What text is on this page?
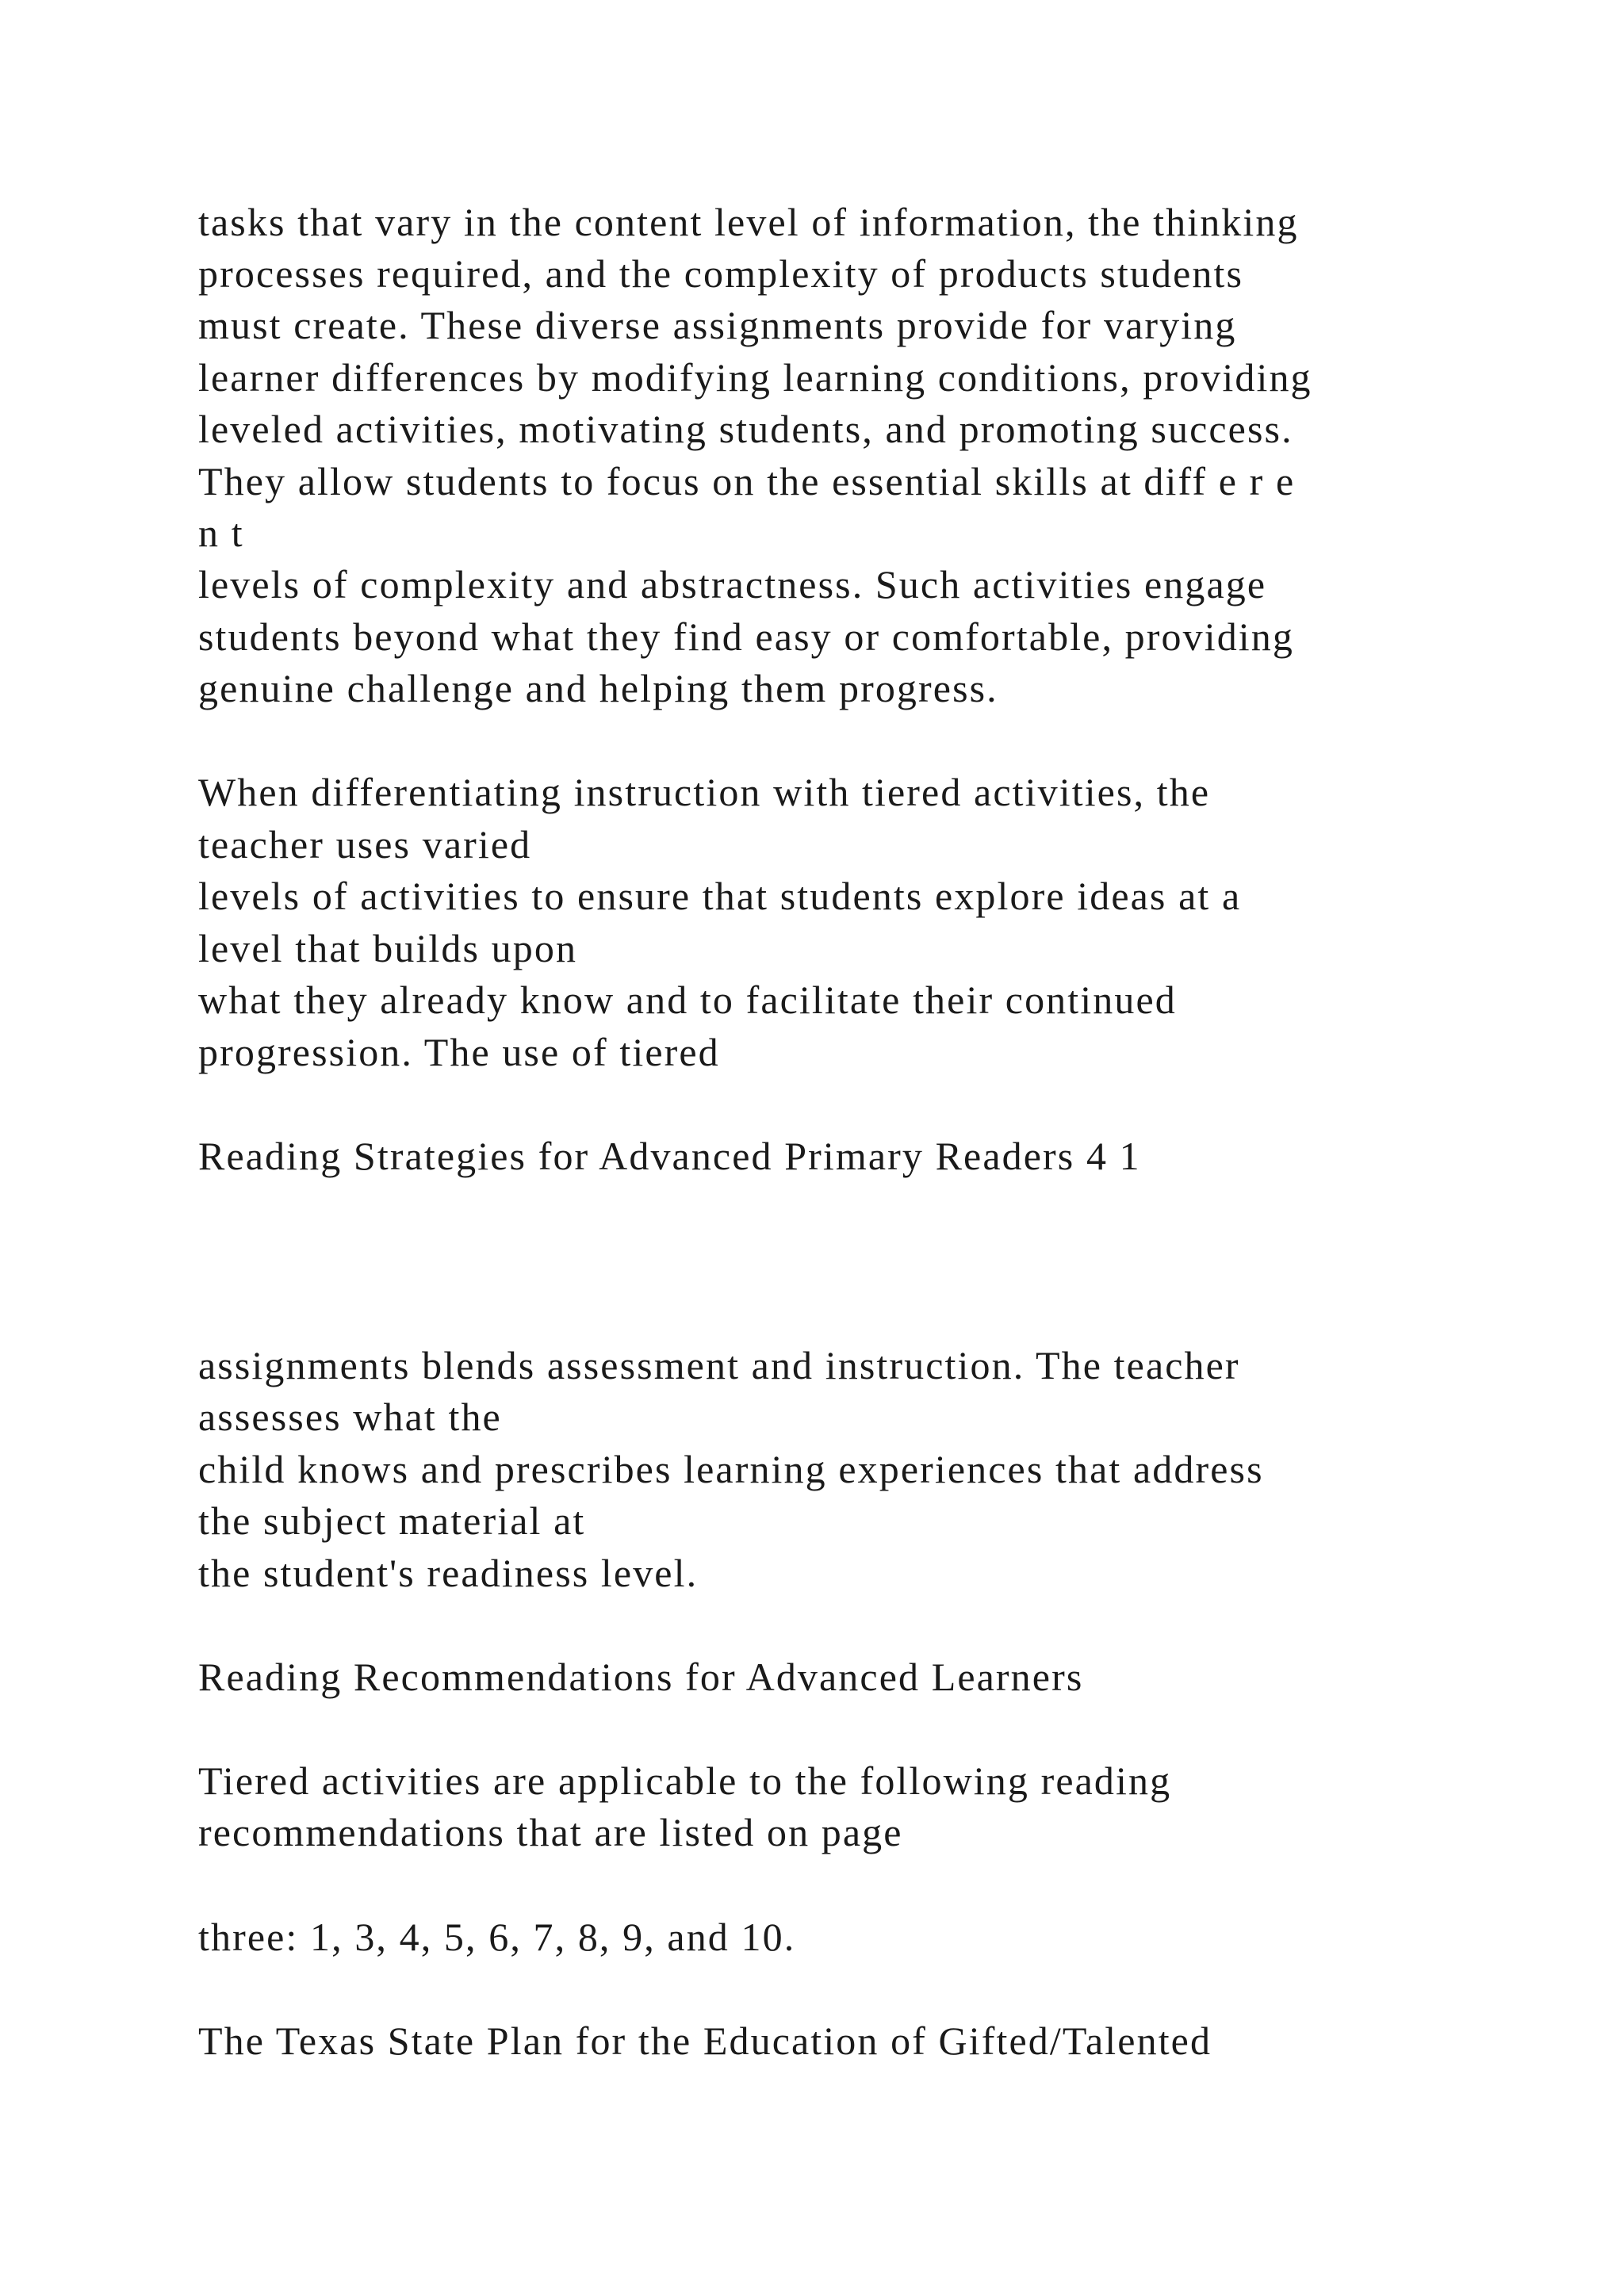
tasks that vary in the content level of information, the thinking

processes required, and the complexity of products students

must create. These diverse assignments provide for varying

learner differences by modifying learning conditions, providing

leveled activities, motivating students, and promoting success.

They allow students to focus on the essential skills at diff e r e

n t

levels of complexity and abstractness. Such activities engage

students beyond what they find easy or comfortable, providing

genuine challenge and helping them progress.

When differentiating instruction with tiered activities, the

teacher uses varied

levels of activities to ensure that students explore ideas at a

level that builds upon

what they already know and to facilitate their continued

progression. The use of tiered

Reading Strategies for Advanced Primary Readers 4 1

assignments blends assessment and instruction. The teacher

assesses what the

child knows and prescribes learning experiences that address

the subject material at

the student's readiness level.

Reading Recommendations for Advanced Learners

Tiered activities are applicable to the following reading

recommendations that are listed on page

three: 1, 3, 4, 5, 6, 7, 8, 9, and 10.

The Texas State Plan for the Education of Gifted/Talented
